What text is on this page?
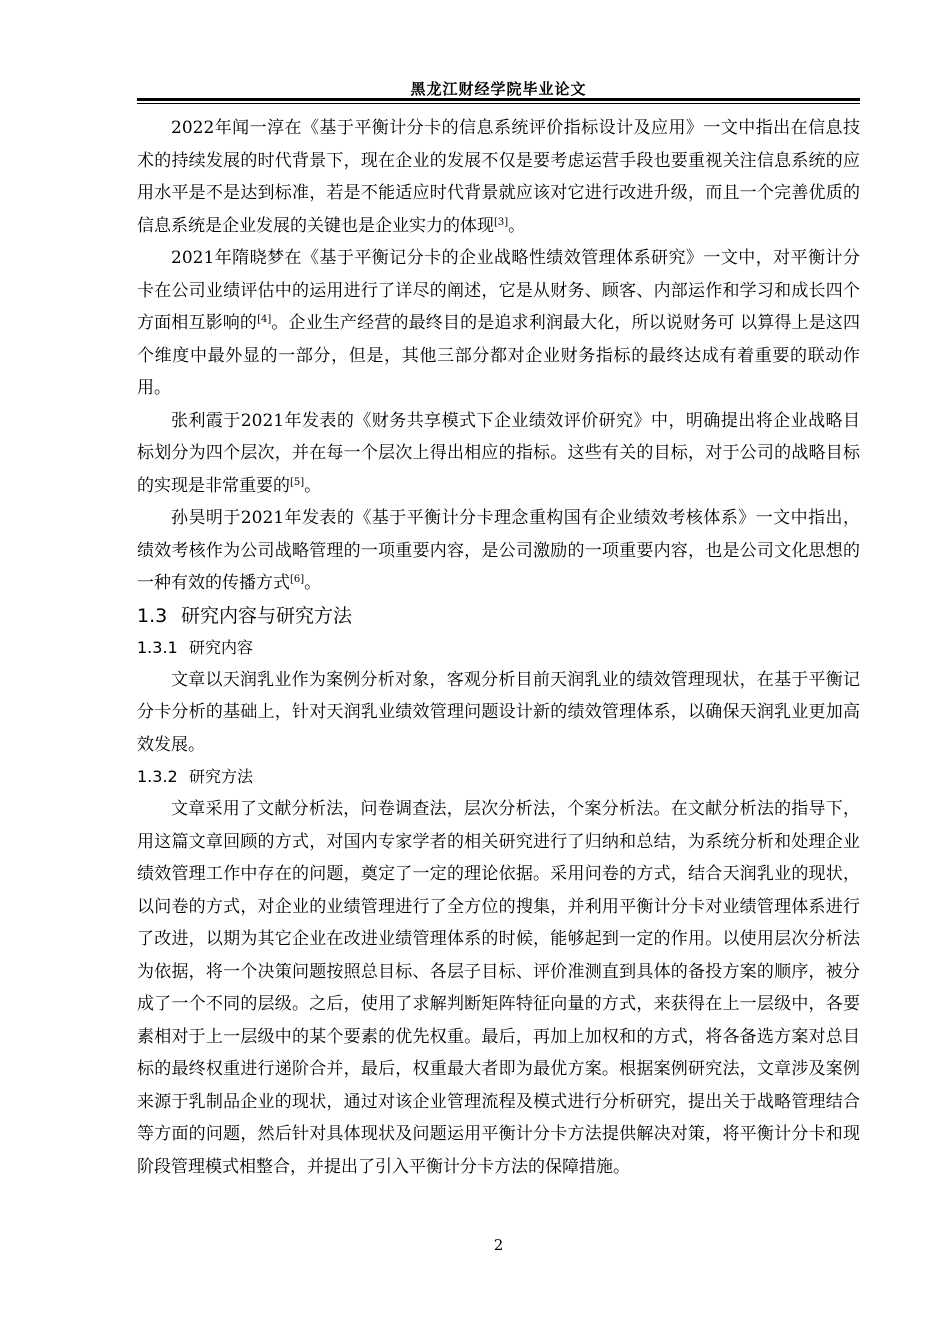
黑龙江财经学院毕业论文

2022年闻一淳在《基于平衡计分卡的信息系统评价指标设计及应用》一文中指出在信息技术的持续发展的时代背景下，现在企业的发展不仅是要考虑运营手段也要重视关注信息系统的应用水平是不是达到标准，若是不能适应时代背景就应该对它进行改进升级，而且一个完善优质的信息系统是企业发展的关键也是企业实力的体现[3]。

2021年隋晓梦在《基于平衡记分卡的企业战略性绩效管理体系研究》一文中，对平衡计分卡在公司业绩评估中的运用进行了详尽的阐述，它是从财务、顾客、内部运作和学习和成长四个方面相互影响的[4]。企业生产经营的最终目的是追求利润最大化，所以说财务可 以算得上是这四个维度中最外显的一部分，但是，其他三部分都对企业财务指标的最终达成有着重要的联动作用。

张利霞于2021年发表的《财务共享模式下企业绩效评价研究》中，明确提出将企业战略目标划分为四个层次，并在每一个层次上得出相应的指标。这些有关的目标，对于公司的战略目标的实现是非常重要的[5]。

孙昊明于2021年发表的《基于平衡计分卡理念重构国有企业绩效考核体系》一文中指出，绩效考核作为公司战略管理的一项重要内容，是公司激励的一项重要内容，也是公司文化思想的一种有效的传播方式[6]。

1.3 研究内容与研究方法
1.3.1 研究内容

文章以天润乳业作为案例分析对象，客观分析目前天润乳业的绩效管理现状，在基于平衡记分卡分析的基础上，针对天润乳业绩效管理问题设计新的绩效管理体系，以确保天润乳业更加高效发展。

1.3.2 研究方法

文章采用了文献分析法，问卷调查法，层次分析法，个案分析法。在文献分析法的指导下，用这篇文章回顾的方式，对国内专家学者的相关研究进行了归纳和总结，为系统分析和处理企业绩效管理工作中存在的问题，奠定了一定的理论依据。采用问卷的方式，结合天润乳业的现状，以问卷的方式，对企业的业绩管理进行了全方位的搜集，并利用平衡计分卡对业绩管理体系进行了改进，以期为其它企业在改进业绩管理体系的时候，能够起到一定的作用。以使用层次分析法为依据，将一个决策问题按照总目标、各层子目标、评价准测直到具体的备投方案的顺序，被分成了一个不同的层级。之后，使用了求解判断矩阵特征向量的方式，来获得在上一层级中，各要素相对于上一层级中的某个要素的优先权重。最后，再加上加权和的方式，将各备选方案对总目标的最终权重进行递阶合并，最后，权重最大者即为最优方案。根据案例研究法，文章涉及案例来源于乳制品企业的现状，通过对该企业管理流程及模式进行分析研究，提出关于战略管理结合等方面的问题，然后针对具体现状及问题运用平衡计分卡方法提供解决对策，将平衡计分卡和现阶段管理模式相整合，并提出了引入平衡计分卡方法的保障措施。

2
